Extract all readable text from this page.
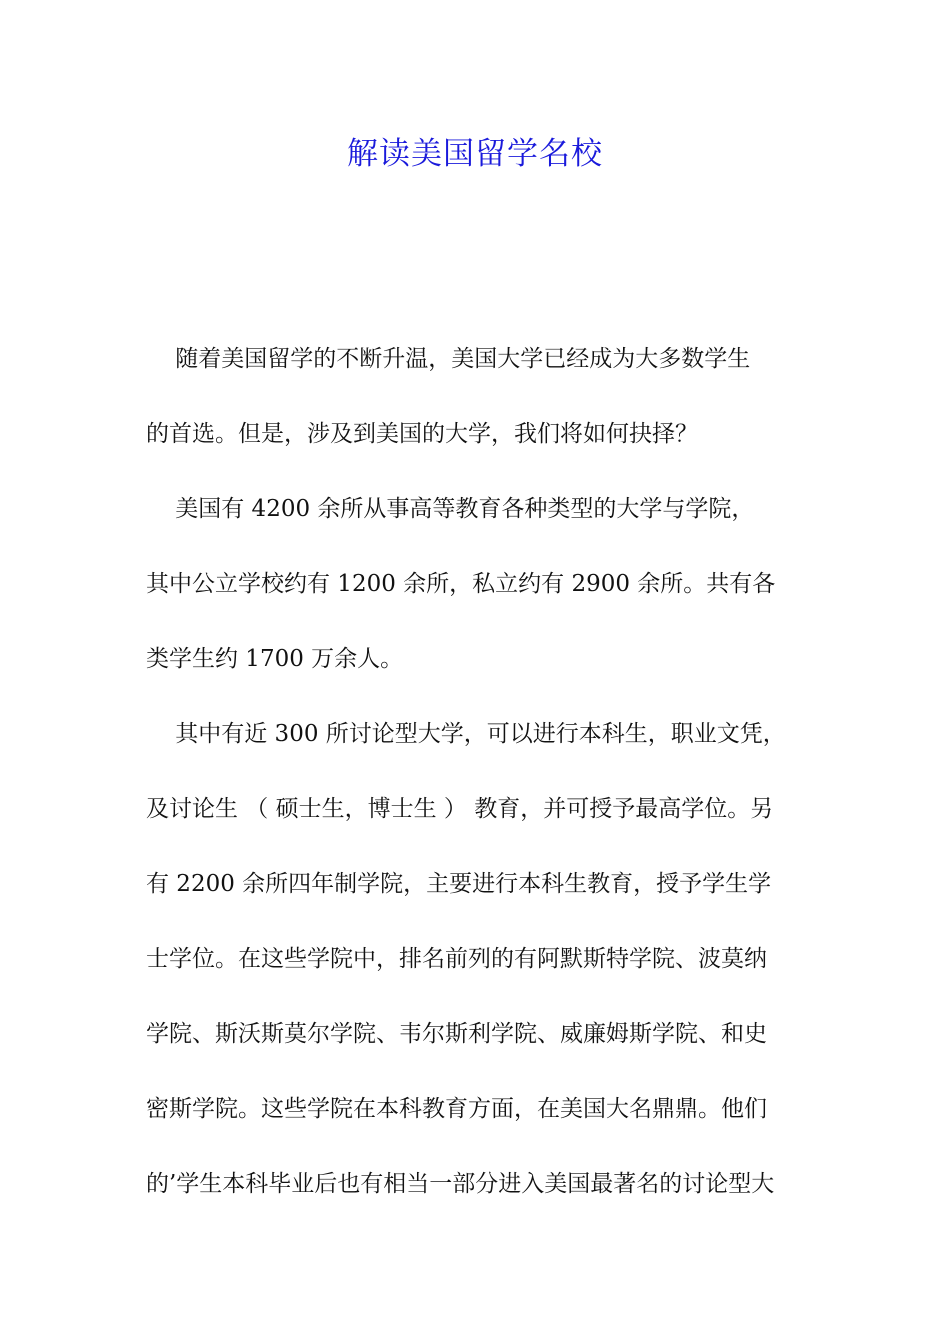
解读美国留学名校

随着美国留学的不断升温，美国大学已经成为大多数学生

的首选。但是，涉及到美国的大学，我们将如何抉择？

美国有 4200 余所从事高等教育各种类型的大学与学院，

其中公立学校约有 1200 余所，私立约有 2900 余所。共有各

类学生约 1700 万余人。

其中有近 300 所讨论型大学，可以进行本科生，职业文凭，

及讨论生 （ 硕士生，博士生 ） 教育，并可授予最高学位。另

有 2200 余所四年制学院，主要进行本科生教育，授予学生学

士学位。在这些学院中，排名前列的有阿默斯特学院、波莫纳

学院、斯沃斯莫尔学院、韦尔斯利学院、威廉姆斯学院、和史

密斯学院。这些学院在本科教育方面，在美国大名鼎鼎。他们

的’学生本科毕业后也有相当一部分进入美国最著名的讨论型大
